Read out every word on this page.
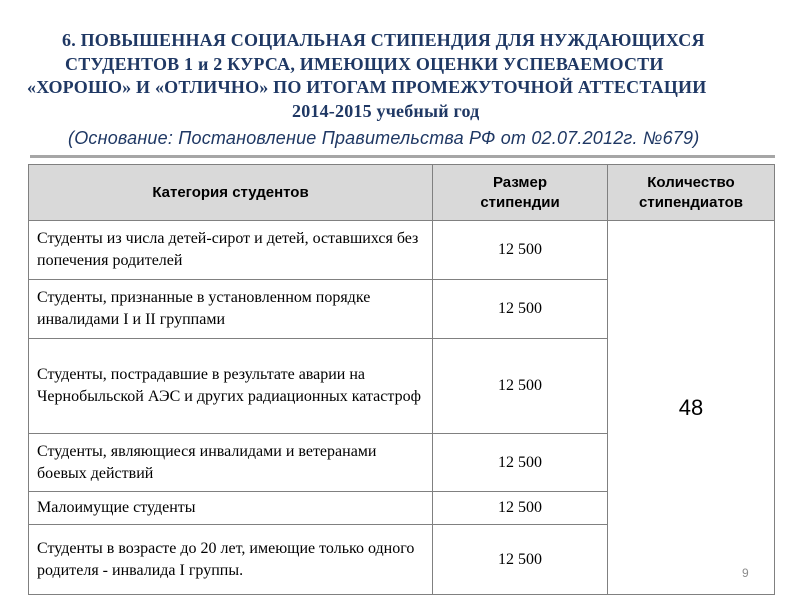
6. ПОВЫШЕННАЯ СОЦИАЛЬНАЯ СТИПЕНДИЯ ДЛЯ НУЖДАЮЩИХСЯ
СТУДЕНТОВ 1 и 2 КУРСА, ИМЕЮЩИХ ОЦЕНКИ УСПЕВАЕМОСТИ
«ХОРОШО» И «ОТЛИЧНО» ПО ИТОГАМ ПРОМЕЖУТОЧНОЙ АТТЕСТАЦИИ
2014-2015 учебный год
(Основание: Постановление Правительства РФ от 02.07.2012г. №679)
Категория студентов	Размер стипендии	Количество стипендиатов
Студенты из числа детей-сирот и детей, оставшихся без попечения родителей	12 500	48
Студенты, признанные в установленном порядке инвалидами I и II группами	12 500	
Студенты, пострадавшие в результате аварии на Чернобыльской АЭС и других радиационных катастроф	12 500	
Студенты, являющиеся инвалидами и ветеранами боевых действий	12 500	
Малоимущие студенты	12 500	
Студенты в возрасте до 20 лет, имеющие только одного родителя - инвалида I группы.	12 500	
9
